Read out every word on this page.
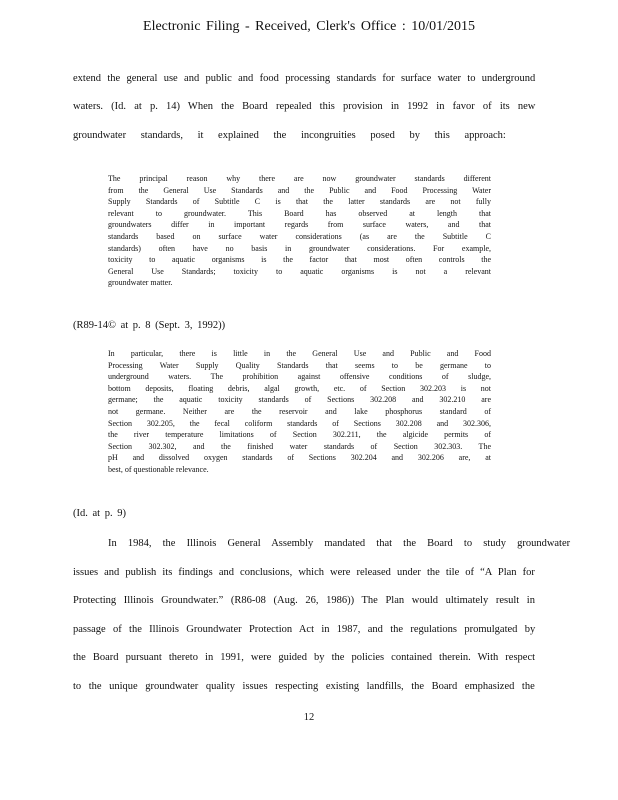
Electronic Filing - Received, Clerk's Office : 10/01/2015
extend the general use and public and food processing standards for surface water to underground
waters. (Id. at p. 14) When the Board repealed this provision in 1992 in favor of its new
groundwater standards, it explained the incongruities posed by this approach:
The principal reason why there are now groundwater standards different
from the General Use Standards and the Public and Food Processing Water
Supply Standards of Subtitle C is that the latter standards are not fully
relevant to groundwater. This Board has observed at length that
groundwaters differ in important regards from surface waters, and that
standards based on surface water considerations (as are the Subtitle C
standards) often have no basis in groundwater considerations. For example,
toxicity to aquatic organisms is the factor that most often controls the
General Use Standards; toxicity to aquatic organisms is not a relevant
groundwater matter.
(R89-14© at p. 8 (Sept. 3, 1992))
In particular, there is little in the General Use and Public and Food
Processing Water Supply Quality Standards that seems to be germane to
underground waters. The prohibition against offensive conditions of sludge,
bottom deposits, floating debris, algal growth, etc. of Section 302.203 is not
germane; the aquatic toxicity standards of Sections 302.208 and 302.210 are
not germane. Neither are the reservoir and lake phosphorus standard of
Section 302.205, the fecal coliform standards of Sections 302.208 and 302.306,
the river temperature limitations of Section 302.211, the algicide permits of
Section 302.302, and the finished water standards of Section 302.303. The
pH and dissolved oxygen standards of Sections 302.204 and 302.206 are, at
best, of questionable relevance.
(Id. at p. 9)
In 1984, the Illinois General Assembly mandated that the Board to study groundwater
issues and publish its findings and conclusions, which were released under the tile of “A Plan for
Protecting Illinois Groundwater.” (R86-08 (Aug. 26, 1986)) The Plan would ultimately result in
passage of the Illinois Groundwater Protection Act in 1987, and the regulations promulgated by
the Board pursuant thereto in 1991, were guided by the policies contained therein. With respect
to the unique groundwater quality issues respecting existing landfills, the Board emphasized the
12
